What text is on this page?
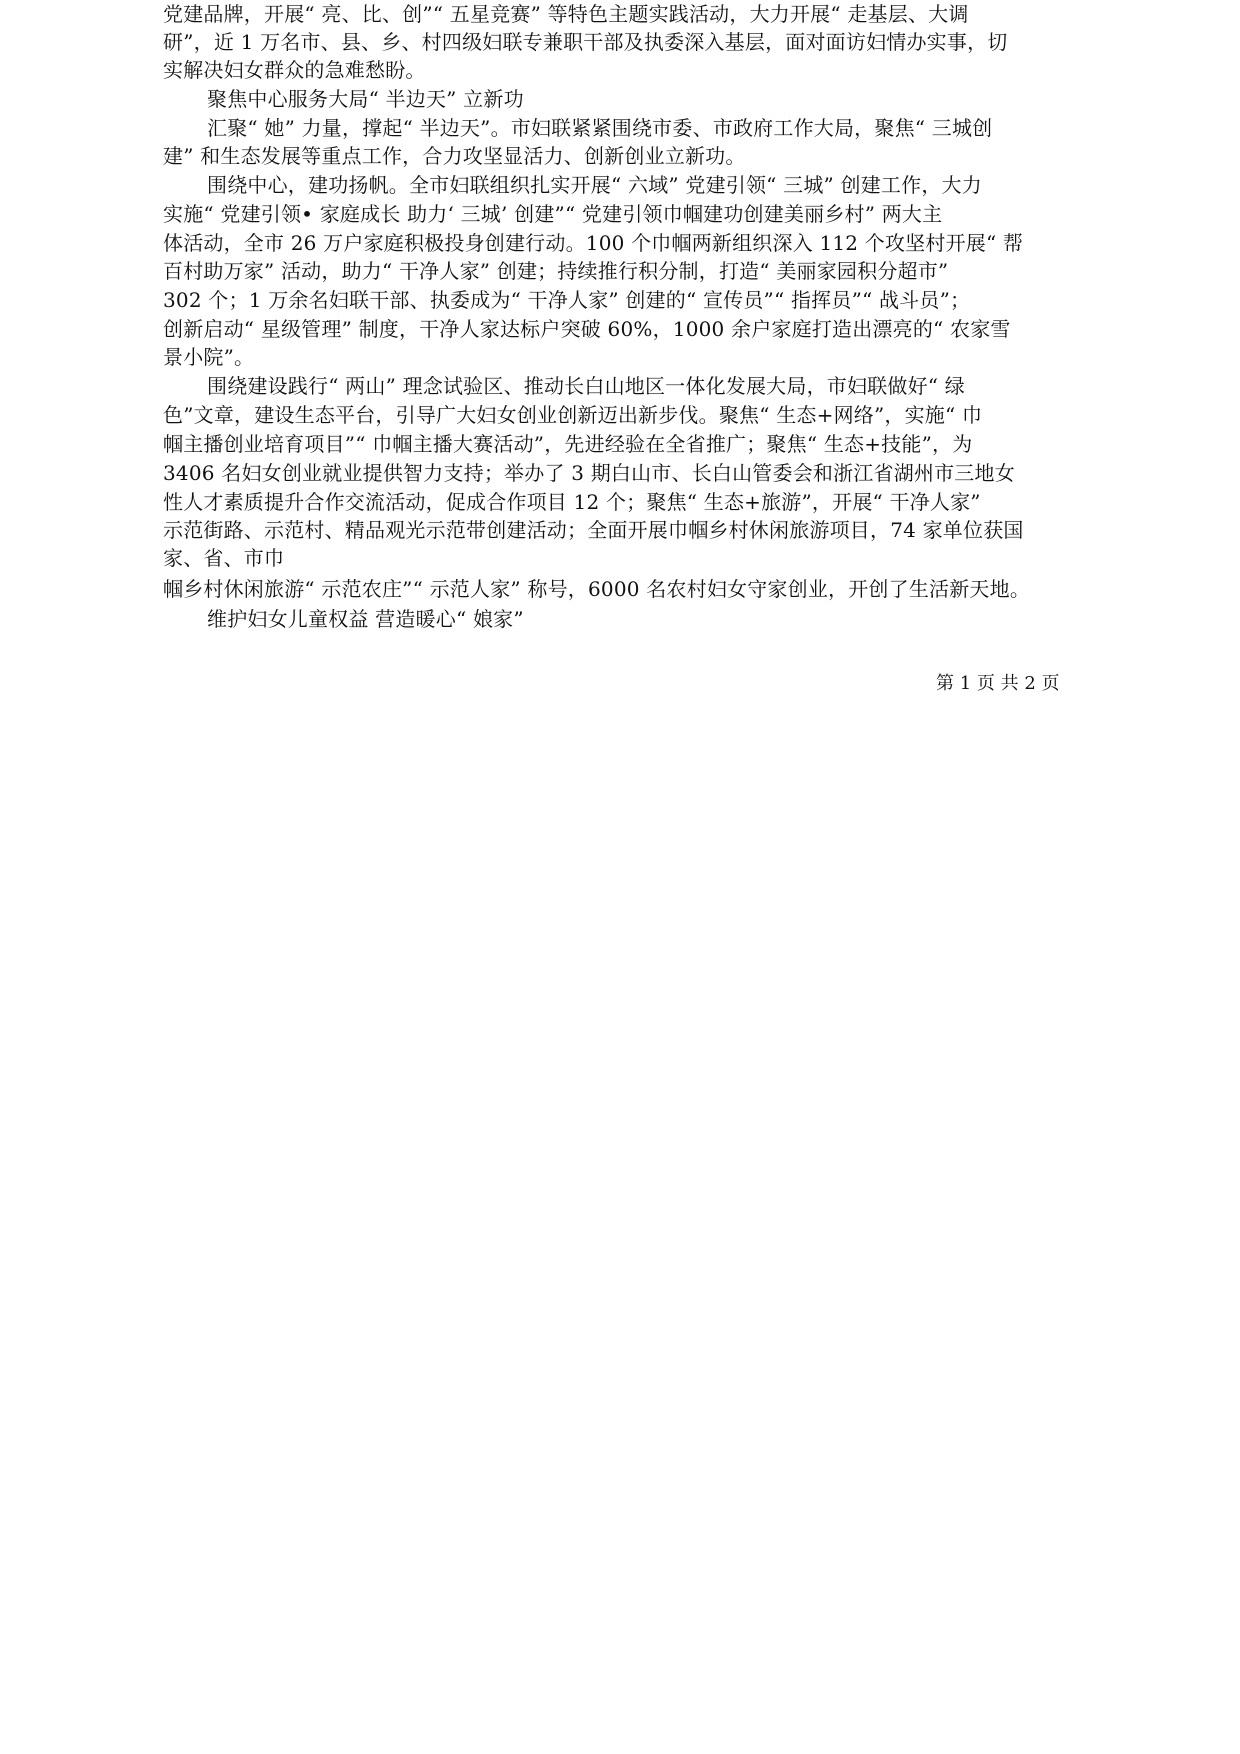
党建品牌，开展“ 亮、比、创”“ 五星竞赛” 等特色主题实践活动，大力开展“ 走基层、大调
研”，近 1 万名市、县、乡、村四级妇联专兼职干部及执委深入基层，面对面访妇情办实事，切
实解决妇女群众的急难愁盼。
聚焦中心服务大局“ 半边天” 立新功
汇聚“ 她” 力量，撑起“ 半边天”。市妇联紧紧围绕市委、市政府工作大局，聚焦“ 三城创
建” 和生态发展等重点工作，合力攻坚显活力、创新创业立新功。
围绕中心，建功扬帆。全市妇联组织扎实开展“ 六域” 党建引领“ 三城” 创建工作，大力
实施“ 党建引领• 家庭成长 助力‘ 三城’ 创建”“ 党建引领巾帼建功创建美丽乡村” 两大主
体活动，全市 26 万户家庭积极投身创建行动。100 个巾帼两新组织深入 112 个攻坚村开展“ 帮
百村助万家” 活动，助力“ 干净人家” 创建；持续推行积分制，打造“ 美丽家园积分超市”
302 个；1 万余名妇联干部、执委成为“ 干净人家” 创建的“ 宣传员”“ 指挥员”“ 战斗员”；
创新启动“ 星级管理” 制度，干净人家达标户突破 60%，1000 余户家庭打造出漂亮的“ 农家雪
景小院”。
围绕建设践行“ 两山” 理念试验区、推动长白山地区一体化发展大局，市妇联做好“ 绿
色”文章，建设生态平台，引导广大妇女创业创新迈出新步伐。聚焦“ 生态+网络”，实施“ 巾
帼主播创业培育项目”“ 巾帼主播大赛活动”，先进经验在全省推广；聚焦“ 生态+技能”，为
3406 名妇女创业就业提供智力支持；举办了 3 期白山市、长白山管委会和浙江省湖州市三地女
性人才素质提升合作交流活动，促成合作项目 12 个；聚焦“ 生态+旅游”，开展“ 干净人家”
示范街路、示范村、精品观光示范带创建活动；全面开展巾帼乡村休闲旅游项目，74 家单位获国
家、省、市巾
帼乡村休闲旅游“ 示范农庄”“ 示范人家” 称号，6000 名农村妇女守家创业，开创了生活新天地。
维护妇女儿童权益 营造暖心“ 娘家”
第 1 页 共 2 页
